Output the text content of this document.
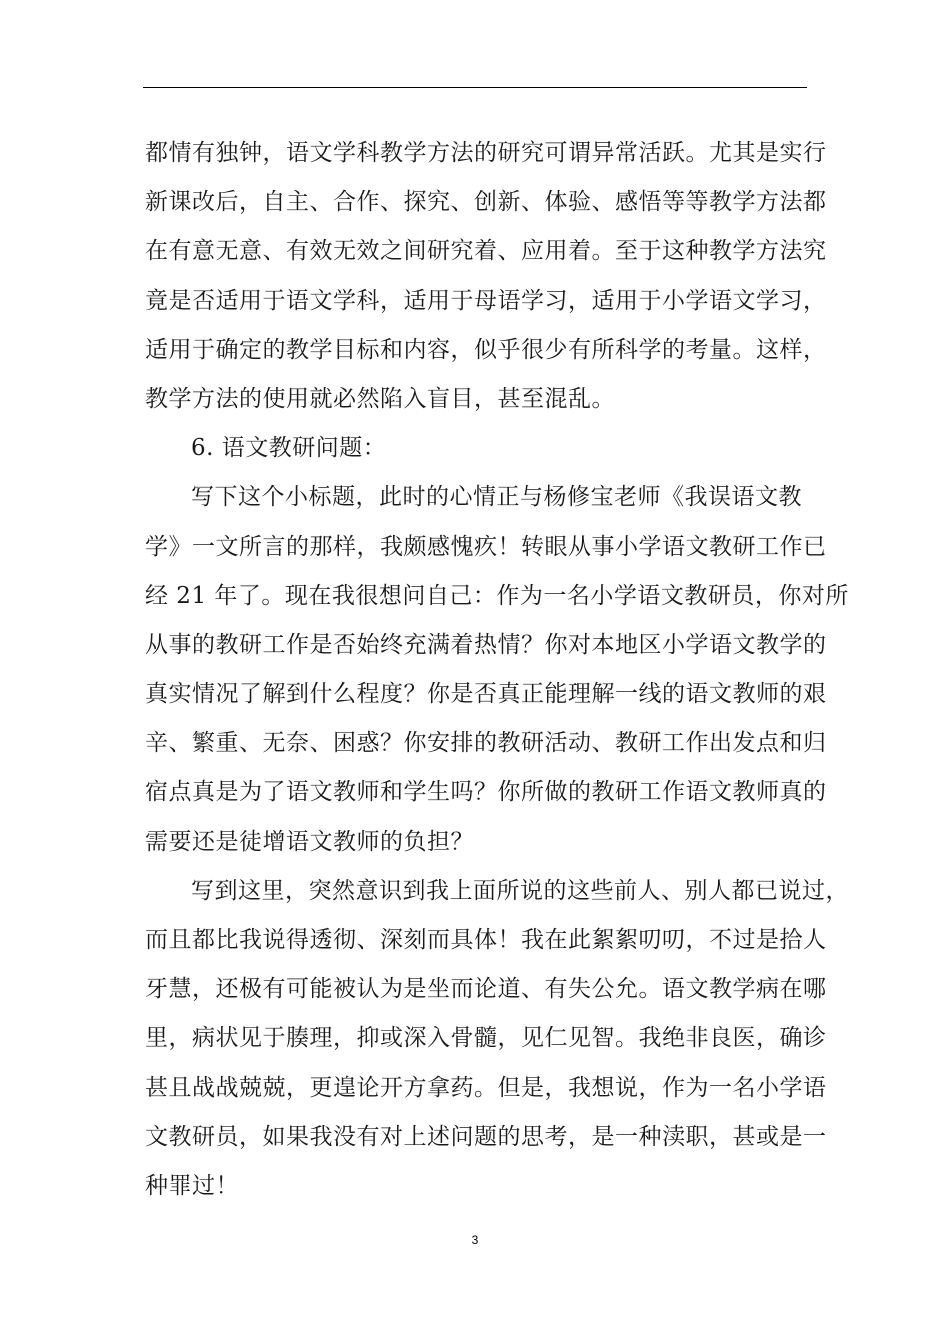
都情有独钟，语文学科教学方法的研究可谓异常活跃。尤其是实行
新课改后，自主、合作、探究、创新、体验、感悟等等教学方法都
在有意无意、有效无效之间研究着、应用着。至于这种教学方法究
竟是否适用于语文学科，适用于母语学习，适用于小学语文学习，
适用于确定的教学目标和内容，似乎很少有所科学的考量。这样，
教学方法的使用就必然陷入盲目，甚至混乱。
6. 语文教研问题：
写下这个小标题，此时的心情正与杨修宝老师《我误语文教
学》一文所言的那样，我颇感愧疚！转眼从事小学语文教研工作已
经 21 年了。现在我很想问自己：作为一名小学语文教研员，你对所
从事的教研工作是否始终充满着热情？你对本地区小学语文教学的
真实情况了解到什么程度？你是否真正能理解一线的语文教师的艰
辛、繁重、无奈、困惑？你安排的教研活动、教研工作出发点和归
宿点真是为了语文教师和学生吗？你所做的教研工作语文教师真的
需要还是徒增语文教师的负担？
写到这里，突然意识到我上面所说的这些前人、别人都已说过，
而且都比我说得透彻、深刻而具体！我在此絮絮叨叨，不过是拾人
牙慧，还极有可能被认为是坐而论道、有失公允。语文教学病在哪
里，病状见于腠理，抑或深入骨髓，见仁见智。我绝非良医，确诊
甚且战战兢兢，更遑论开方拿药。但是，我想说，作为一名小学语
文教研员，如果我没有对上述问题的思考，是一种渎职，甚或是一
种罪过！
3
